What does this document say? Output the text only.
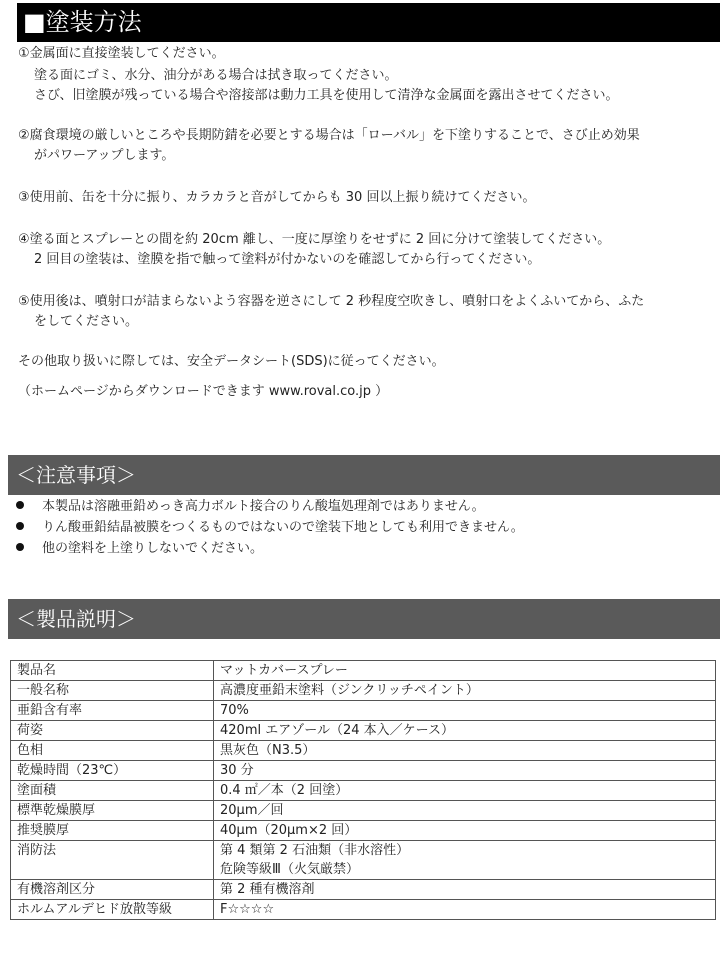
■塗装方法
①金属面に直接塗装してください。
塗る面にゴミ、水分、油分がある場合は拭き取ってください。
さび、旧塗膜が残っている場合や溶接部は動力工具を使用して清浄な金属面を露出させてください。
②腐食環境の厳しいところや長期防錆を必要とする場合は「ローバル」を下塗りすることで、さび止め効果
がパワーアップします。
③使用前、缶を十分に振り、カラカラと音がしてからも 30 回以上振り続けてください。
④塗る面とスプレーとの間を約 20cm 離し、一度に厚塗りをせずに 2 回に分けて塗装してください。
2 回目の塗装は、塗膜を指で触って塗料が付かないのを確認してから行ってください。
⑤使用後は、噴射口が詰まらないよう容器を逆さにして 2 秒程度空吹きし、噴射口をよくふいてから、ふた
をしてください。
その他取り扱いに際しては、安全データシート(SDS)に従ってください。
（ホームページからダウンロードできます www.roval.co.jp ）
＜注意事項＞
本製品は溶融亜鉛めっき高力ボルト接合のりん酸塩処理剤ではありません。
りん酸亜鉛結晶被膜をつくるものではないので塗装下地としても利用できません。
他の塗料を上塗りしないでください。
＜製品説明＞
製品名	マットカバースプレー
一般名称	高濃度亜鉛末塗料（ジンクリッチペイント）
亜鉛含有率	70%
荷姿	420ml エアゾール（24 本入／ケース）
色相	黒灰色（N3.5）
乾燥時間（23℃）	30 分
塗面積	0.4 ㎡／本（2 回塗）
標準乾燥膜厚	20μm／回
推奨膜厚	40μm（20μm×2 回）
消防法	第 4 類第 2 石油類（非水溶性）
危険等級Ⅲ（火気厳禁）

有機溶剤区分	第 2 種有機溶剤
ホルムアルデヒド放散等級	F☆☆☆☆
